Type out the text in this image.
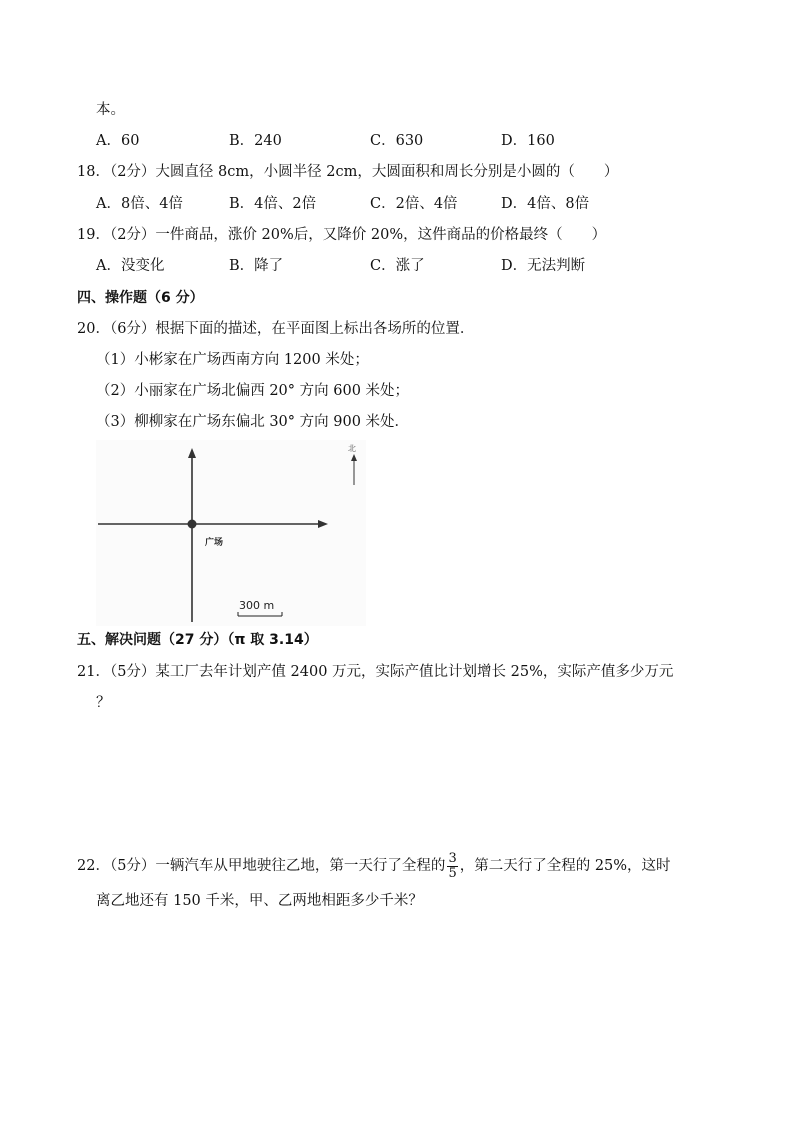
本。
A．60	B．240	C．630	D．160
18．（2分）大圆直径 8cm，小圆半径 2cm，大圆面积和周长分别是小圆的（　　）
A．8倍、4倍	B．4倍、2倍	C．2倍、4倍	D．4倍、8倍
19．（2分）一件商品，涨价 20%后，又降价 20%，这件商品的价格最终（　　）
A．没变化	B．降了	C．涨了	D．无法判断
四、操作题（6 分）
20．（6分）根据下面的描述，在平面图上标出各场所的位置．
（1）小彬家在广场西南方向 1200 米处；
（2）小丽家在广场北偏西 20° 方向 600 米处；
（3）柳柳家在广场东偏北 30° 方向 900 米处．
广场
北
300 m
五、解决问题（27 分）（π 取 3.14）
21．（5分）某工厂去年计划产值 2400 万元，实际产值比计划增长 25%，实际产值多少万元
？
22．（5分）一辆汽车从甲地驶往乙地，第一天行了全程的 $\frac{3}{5}$ ，第二天行了全程的 25%，这时
离乙地还有 150 千米，甲、乙两地相距多少千米？
